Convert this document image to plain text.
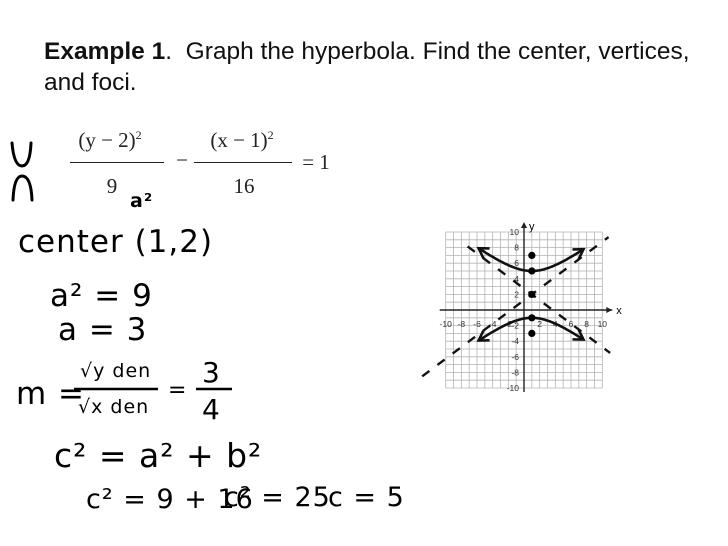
Example 1. Graph the hyperbola. Find the center, vertices, and foci.
$(y - 2)^2$
9
−
$(x - 1)^2$
16
= 1
a²
center (1,2)
a² = 9
a = 3
m =
√y den
√x den
=
3
4
c² = a² + b²
c² = 9 + 16
c² = 25
c = 5
x
y
-10 -8 -6 -4 -2	2 4 6 8 10
10
8
6
4
2
-2
-4
-6
-8
-10
